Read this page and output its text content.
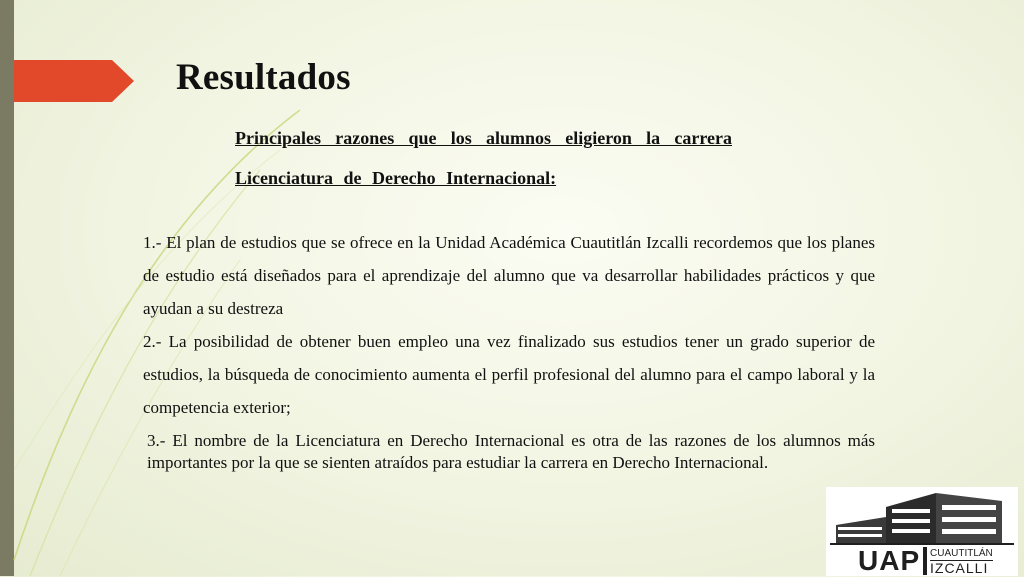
Resultados

Principales razones que los alumnos eligieron la carrera Licenciatura de Derecho Internacional:

1.- El plan de estudios que se ofrece en la Unidad Académica Cuautitlán Izcalli recordemos que los planes de estudio está diseñados para el aprendizaje del alumno que va desarrollar habilidades prácticos y que ayudan a su destreza

2.- La posibilidad de obtener buen empleo una vez finalizado sus estudios tener un grado superior de estudios, la búsqueda de conocimiento aumenta el perfil profesional del alumno para el campo laboral y la competencia exterior;

3.- El nombre de la Licenciatura en Derecho Internacional es otra de las razones de los alumnos más importantes por la que se sienten atraídos para estudiar la carrera en Derecho Internacional.

UAP CUAUTITLÁN
IZCALLI
